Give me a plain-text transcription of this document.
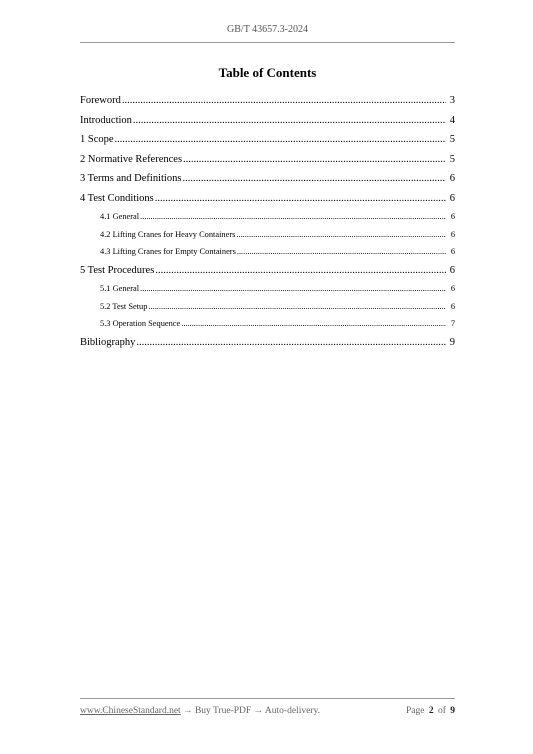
GB/T 43657.3-2024
Table of Contents
Foreword .....	3
Introduction .....	4
1 Scope .....	5
2 Normative References .....	5
3 Terms and Definitions .....	6
4 Test Conditions .....	6
4.1 General .....	6
4.2 Lifting Cranes for Heavy Containers .....	6
4.3 Lifting Cranes for Empty Containers .....	6
5 Test Procedures .....	6
5.1 General .....	6
5.2 Test Setup .....	6
5.3 Operation Sequence .....	7
Bibliography .....	9
www.ChineseStandard.net → Buy True-PDF → Auto-delivery.	Page 2 of 9
